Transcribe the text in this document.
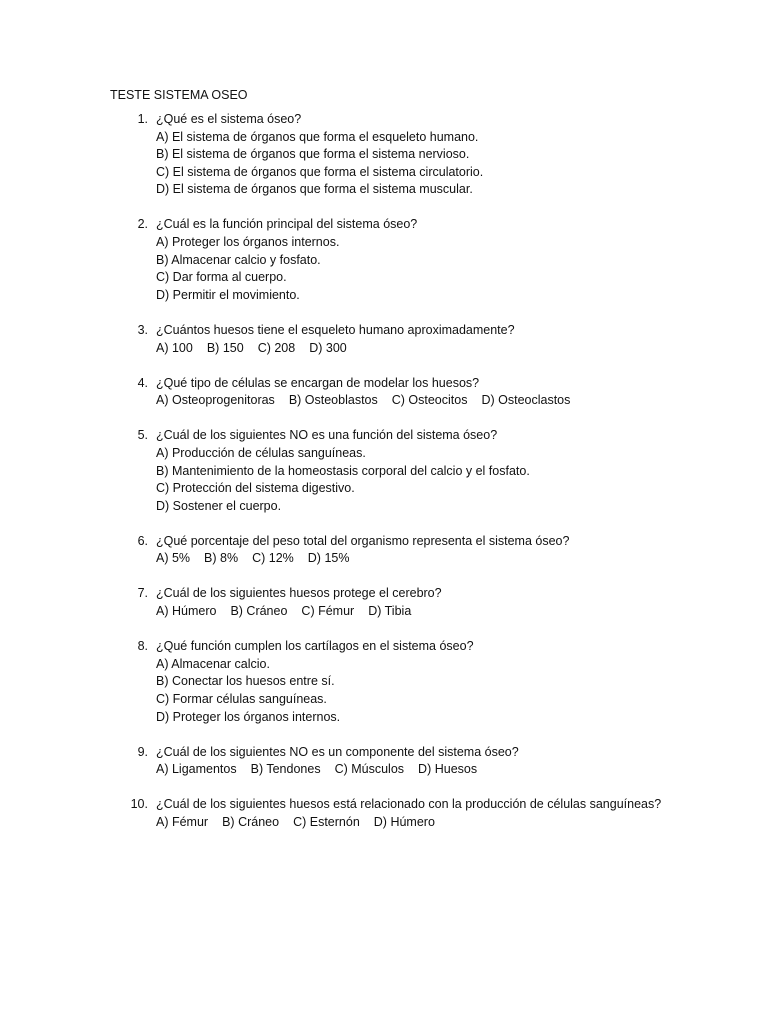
TESTE SISTEMA OSEO
1. ¿Qué es el sistema óseo?
A) El sistema de órganos que forma el esqueleto humano.
B) El sistema de órganos que forma el sistema nervioso.
C) El sistema de órganos que forma el sistema circulatorio.
D) El sistema de órganos que forma el sistema muscular.
2. ¿Cuál es la función principal del sistema óseo?
A) Proteger los órganos internos.
B) Almacenar calcio y fosfato.
C) Dar forma al cuerpo.
D) Permitir el movimiento.
3. ¿Cuántos huesos tiene el esqueleto humano aproximadamente?
A) 100 B) 150 C) 208 D) 300
4. ¿Qué tipo de células se encargan de modelar los huesos?
A) Osteoprogenitoras B) Osteoblastos C) Osteocitos D) Osteoclastos
5. ¿Cuál de los siguientes NO es una función del sistema óseo?
A) Producción de células sanguíneas.
B) Mantenimiento de la homeostasis corporal del calcio y el fosfato.
C) Protección del sistema digestivo.
D) Sostener el cuerpo.
6. ¿Qué porcentaje del peso total del organismo representa el sistema óseo?
A) 5% B) 8% C) 12% D) 15%
7. ¿Cuál de los siguientes huesos protege el cerebro?
A) Húmero B) Cráneo C) Fémur D) Tibia
8. ¿Qué función cumplen los cartílagos en el sistema óseo?
A) Almacenar calcio.
B) Conectar los huesos entre sí.
C) Formar células sanguíneas.
D) Proteger los órganos internos.
9. ¿Cuál de los siguientes NO es un componente del sistema óseo?
A) Ligamentos B) Tendones C) Músculos D) Huesos
10. ¿Cuál de los siguientes huesos está relacionado con la producción de células sanguíneas?
A) Fémur B) Cráneo C) Esternón D) Húmero
